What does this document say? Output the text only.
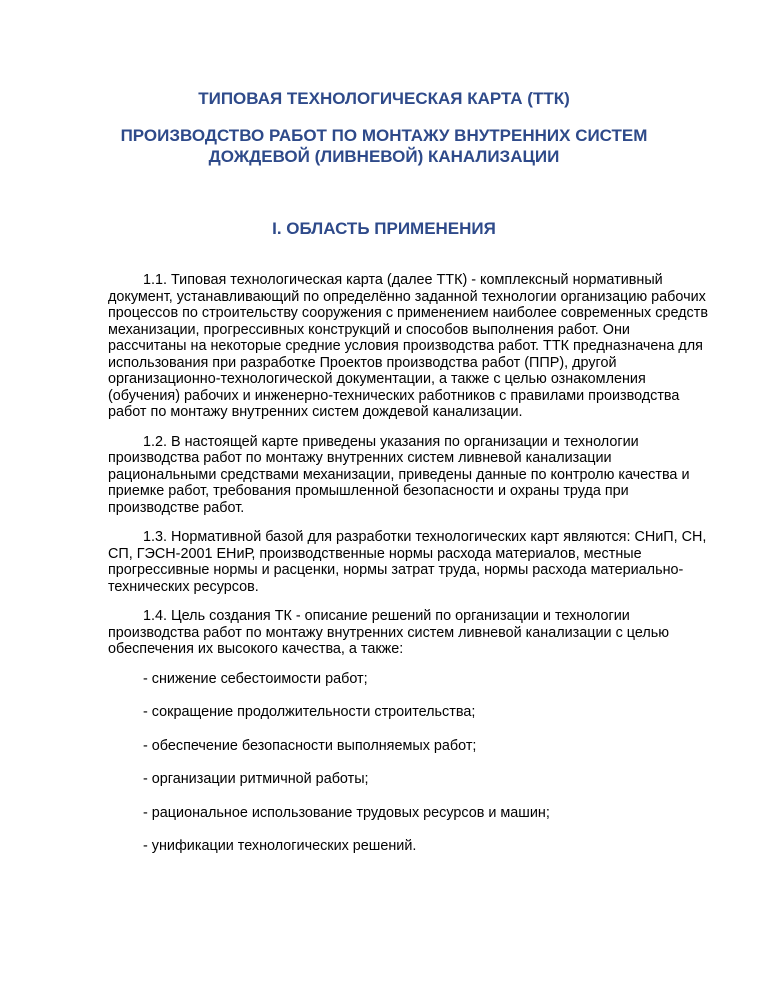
ТИПОВАЯ ТЕХНОЛОГИЧЕСКАЯ КАРТА (ТТК)
ПРОИЗВОДСТВО РАБОТ ПО МОНТАЖУ ВНУТРЕННИХ СИСТЕМ ДОЖДЕВОЙ (ЛИВНЕВОЙ) КАНАЛИЗАЦИИ
I. ОБЛАСТЬ ПРИМЕНЕНИЯ

1.1. Типовая технологическая карта (далее ТТК) - комплексный нормативный документ, устанавливающий по определённо заданной технологии организацию рабочих процессов по строительству сооружения с применением наиболее современных средств механизации, прогрессивных конструкций и способов выполнения работ. Они рассчитаны на некоторые средние условия производства работ. ТТК предназначена для использования при разработке Проектов производства работ (ППР), другой организационно-технологической документации, а также с целью ознакомления (обучения) рабочих и инженерно-технических работников с правилами производства работ по монтажу внутренних систем дождевой канализации.

1.2. В настоящей карте приведены указания по организации и технологии производства работ по монтажу внутренних систем ливневой канализации рациональными средствами механизации, приведены данные по контролю качества и приемке работ, требования промышленной безопасности и охраны труда при производстве работ.

1.3. Нормативной базой для разработки технологических карт являются: СНиП, СН, СП, ГЭСН-2001 ЕНиР, производственные нормы расхода материалов, местные прогрессивные нормы и расценки, нормы затрат труда, нормы расхода материально-технических ресурсов.

1.4. Цель создания ТК - описание решений по организации и технологии производства работ по монтажу внутренних систем ливневой канализации с целью обеспечения их высокого качества, а также:

- снижение себестоимости работ;

- сокращение продолжительности строительства;

- обеспечение безопасности выполняемых работ;

- организации ритмичной работы;

- рациональное использование трудовых ресурсов и машин;

- унификации технологических решений.
